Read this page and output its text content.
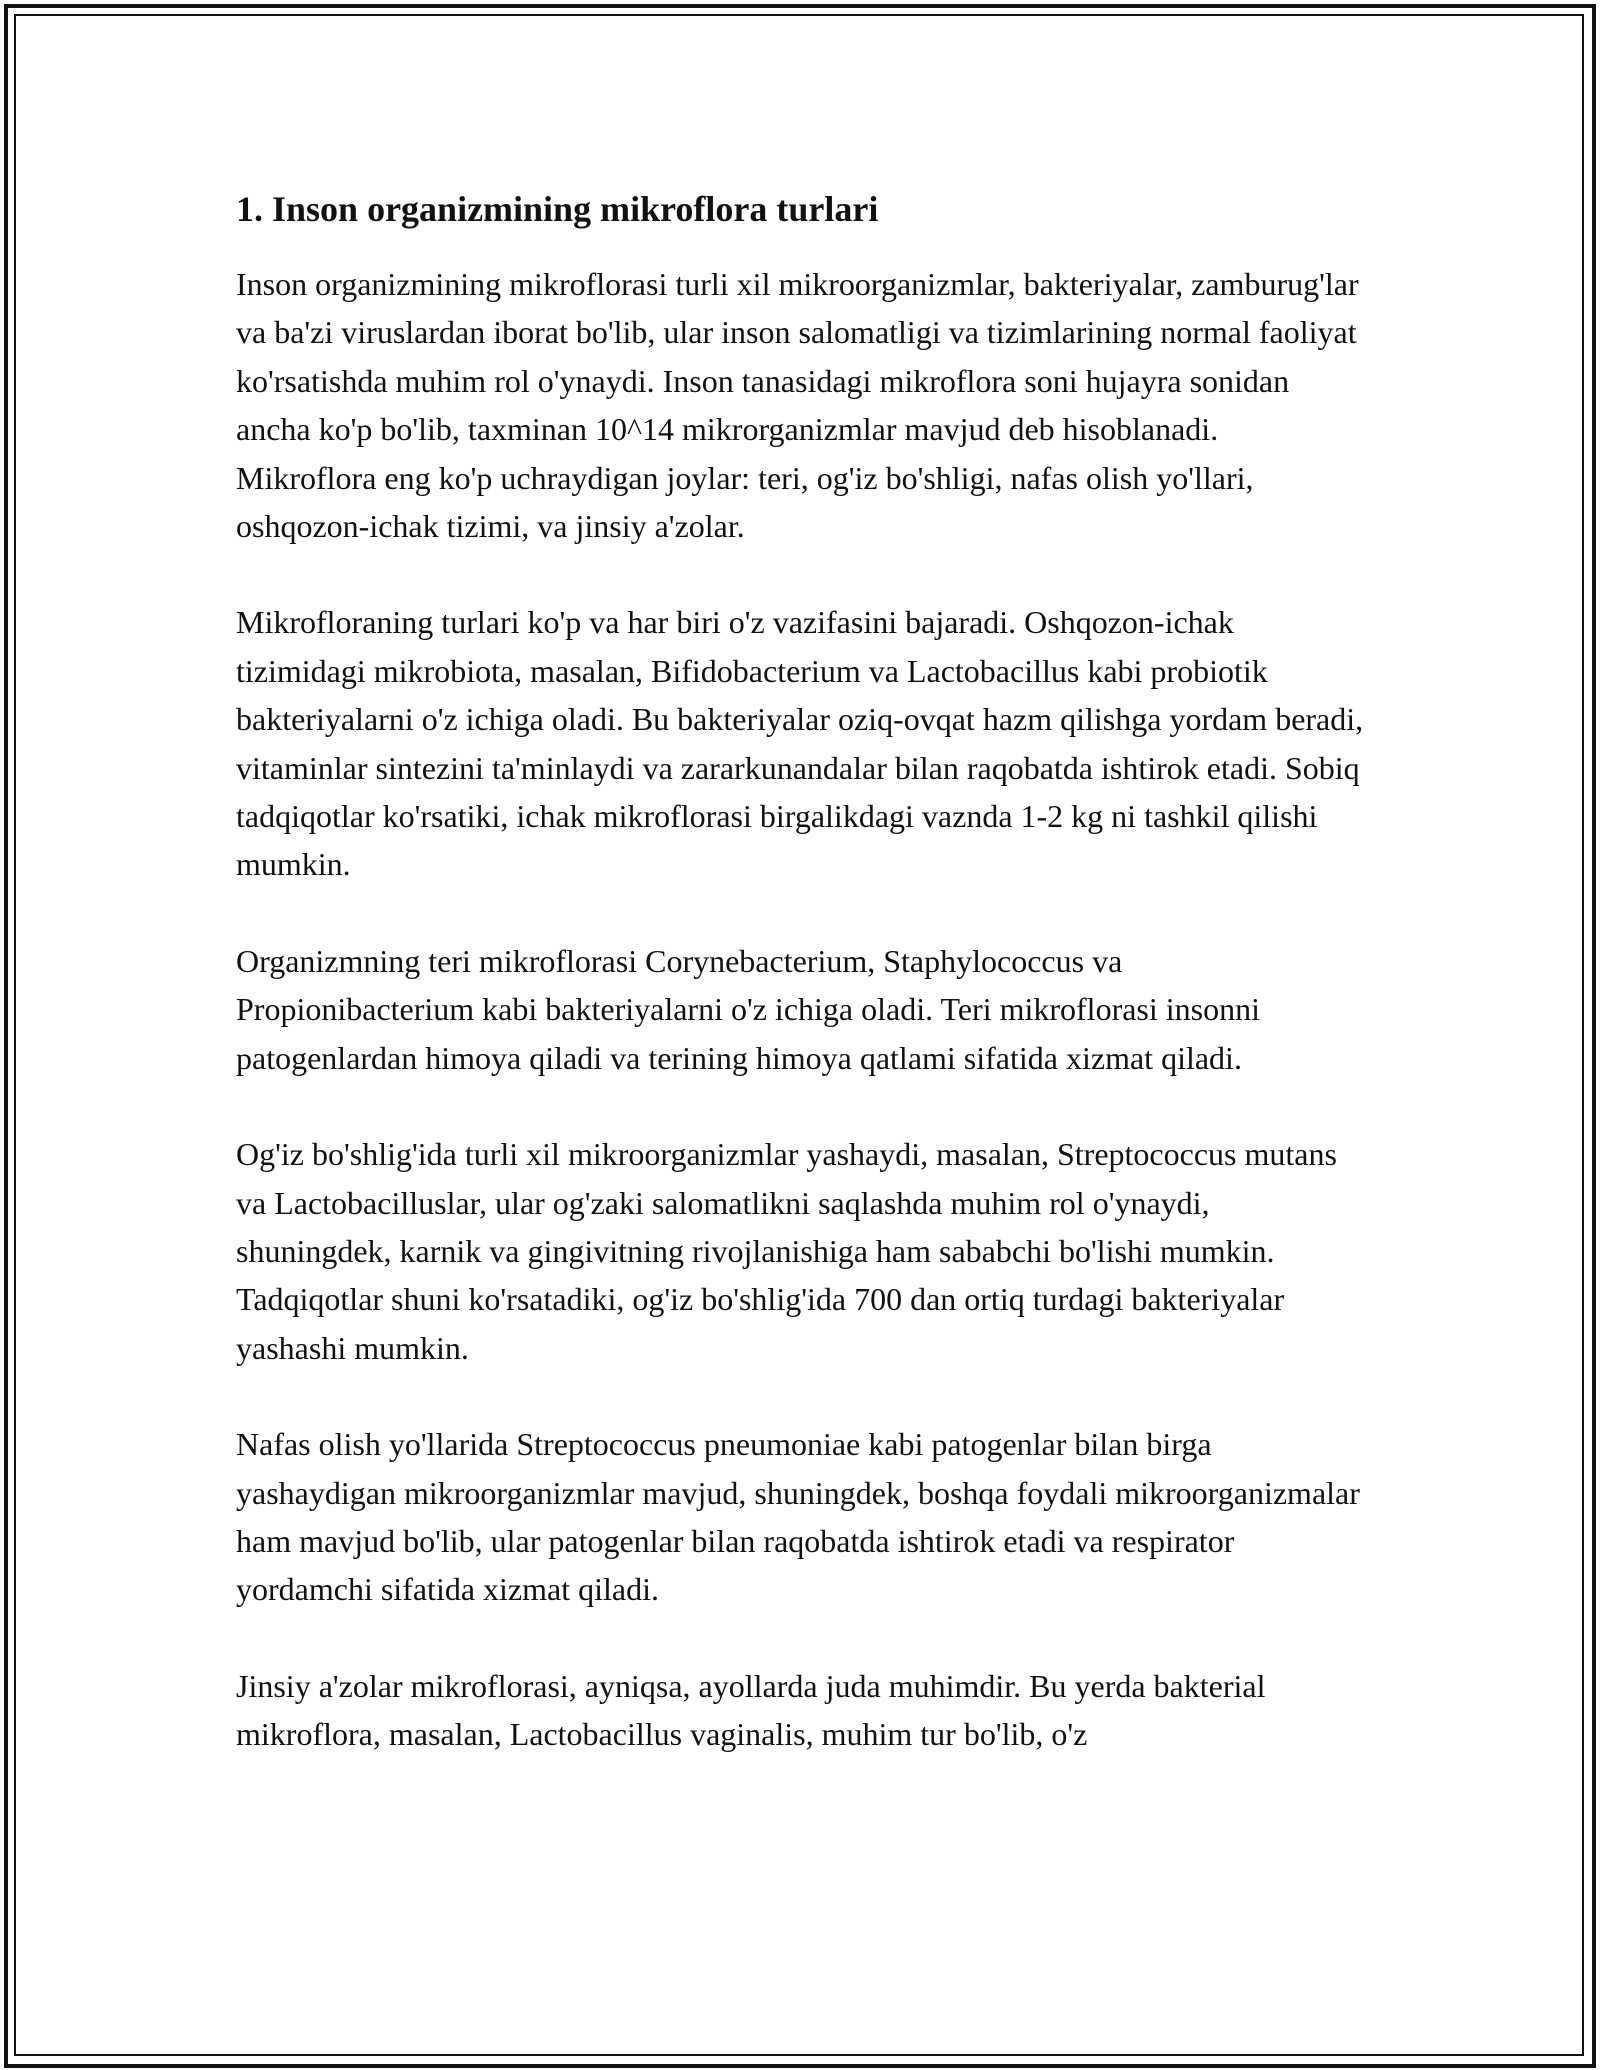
1. Inson organizmining mikroflora turlari

Inson organizmining mikroflorasi turli xil mikroorganizmlar, bakteriyalar, zamburug'lar va ba'zi viruslardan iborat bo'lib, ular inson salomatligi va tizimlarining normal faoliyat ko'rsatishda muhim rol o'ynaydi. Inson tanasidagi mikroflora soni hujayra sonidan ancha ko'p bo'lib, taxminan 10^14 mikrorganizmlar mavjud deb hisoblanadi. Mikroflora eng ko'p uchraydigan joylar: teri, og'iz bo'shligi, nafas olish yo'llari, oshqozon-ichak tizimi, va jinsiy a'zolar.

Mikrofloraning turlari ko'p va har biri o'z vazifasini bajaradi. Oshqozon-ichak tizimidagi mikrobiota, masalan, Bifidobacterium va Lactobacillus kabi probiotik bakteriyalarni o'z ichiga oladi. Bu bakteriyalar oziq-ovqat hazm qilishga yordam beradi, vitaminlar sintezini ta'minlaydi va zararkunandalar bilan raqobatda ishtirok etadi. Sobiq tadqiqotlar ko'rsatiki, ichak mikroflorasi birgalikdagi vaznda 1-2 kg ni tashkil qilishi mumkin.

Organizmning teri mikroflorasi Corynebacterium, Staphylococcus va Propionibacterium kabi bakteriyalarni o'z ichiga oladi. Teri mikroflorasi insonni patogenlardan himoya qiladi va terining himoya qatlami sifatida xizmat qiladi.

Og'iz bo'shlig'ida turli xil mikroorganizmlar yashaydi, masalan, Streptococcus mutans va Lactobacilluslar, ular og'zaki salomatlikni saqlashda muhim rol o'ynaydi, shuningdek, karnik va gingivitning rivojlanishiga ham sababchi bo'lishi mumkin. Tadqiqotlar shuni ko'rsatadiki, og'iz bo'shlig'ida 700 dan ortiq turdagi bakteriyalar yashashi mumkin.

Nafas olish yo'llarida Streptococcus pneumoniae kabi patogenlar bilan birga yashaydigan mikroorganizmlar mavjud, shuningdek, boshqa foydali mikroorganizmalar ham mavjud bo'lib, ular patogenlar bilan raqobatda ishtirok etadi va respirator yordamchi sifatida xizmat qiladi.

Jinsiy a'zolar mikroflorasi, ayniqsa, ayollarda juda muhimdir. Bu yerda bakterial mikroflora, masalan, Lactobacillus vaginalis, muhim tur bo'lib, o'z
